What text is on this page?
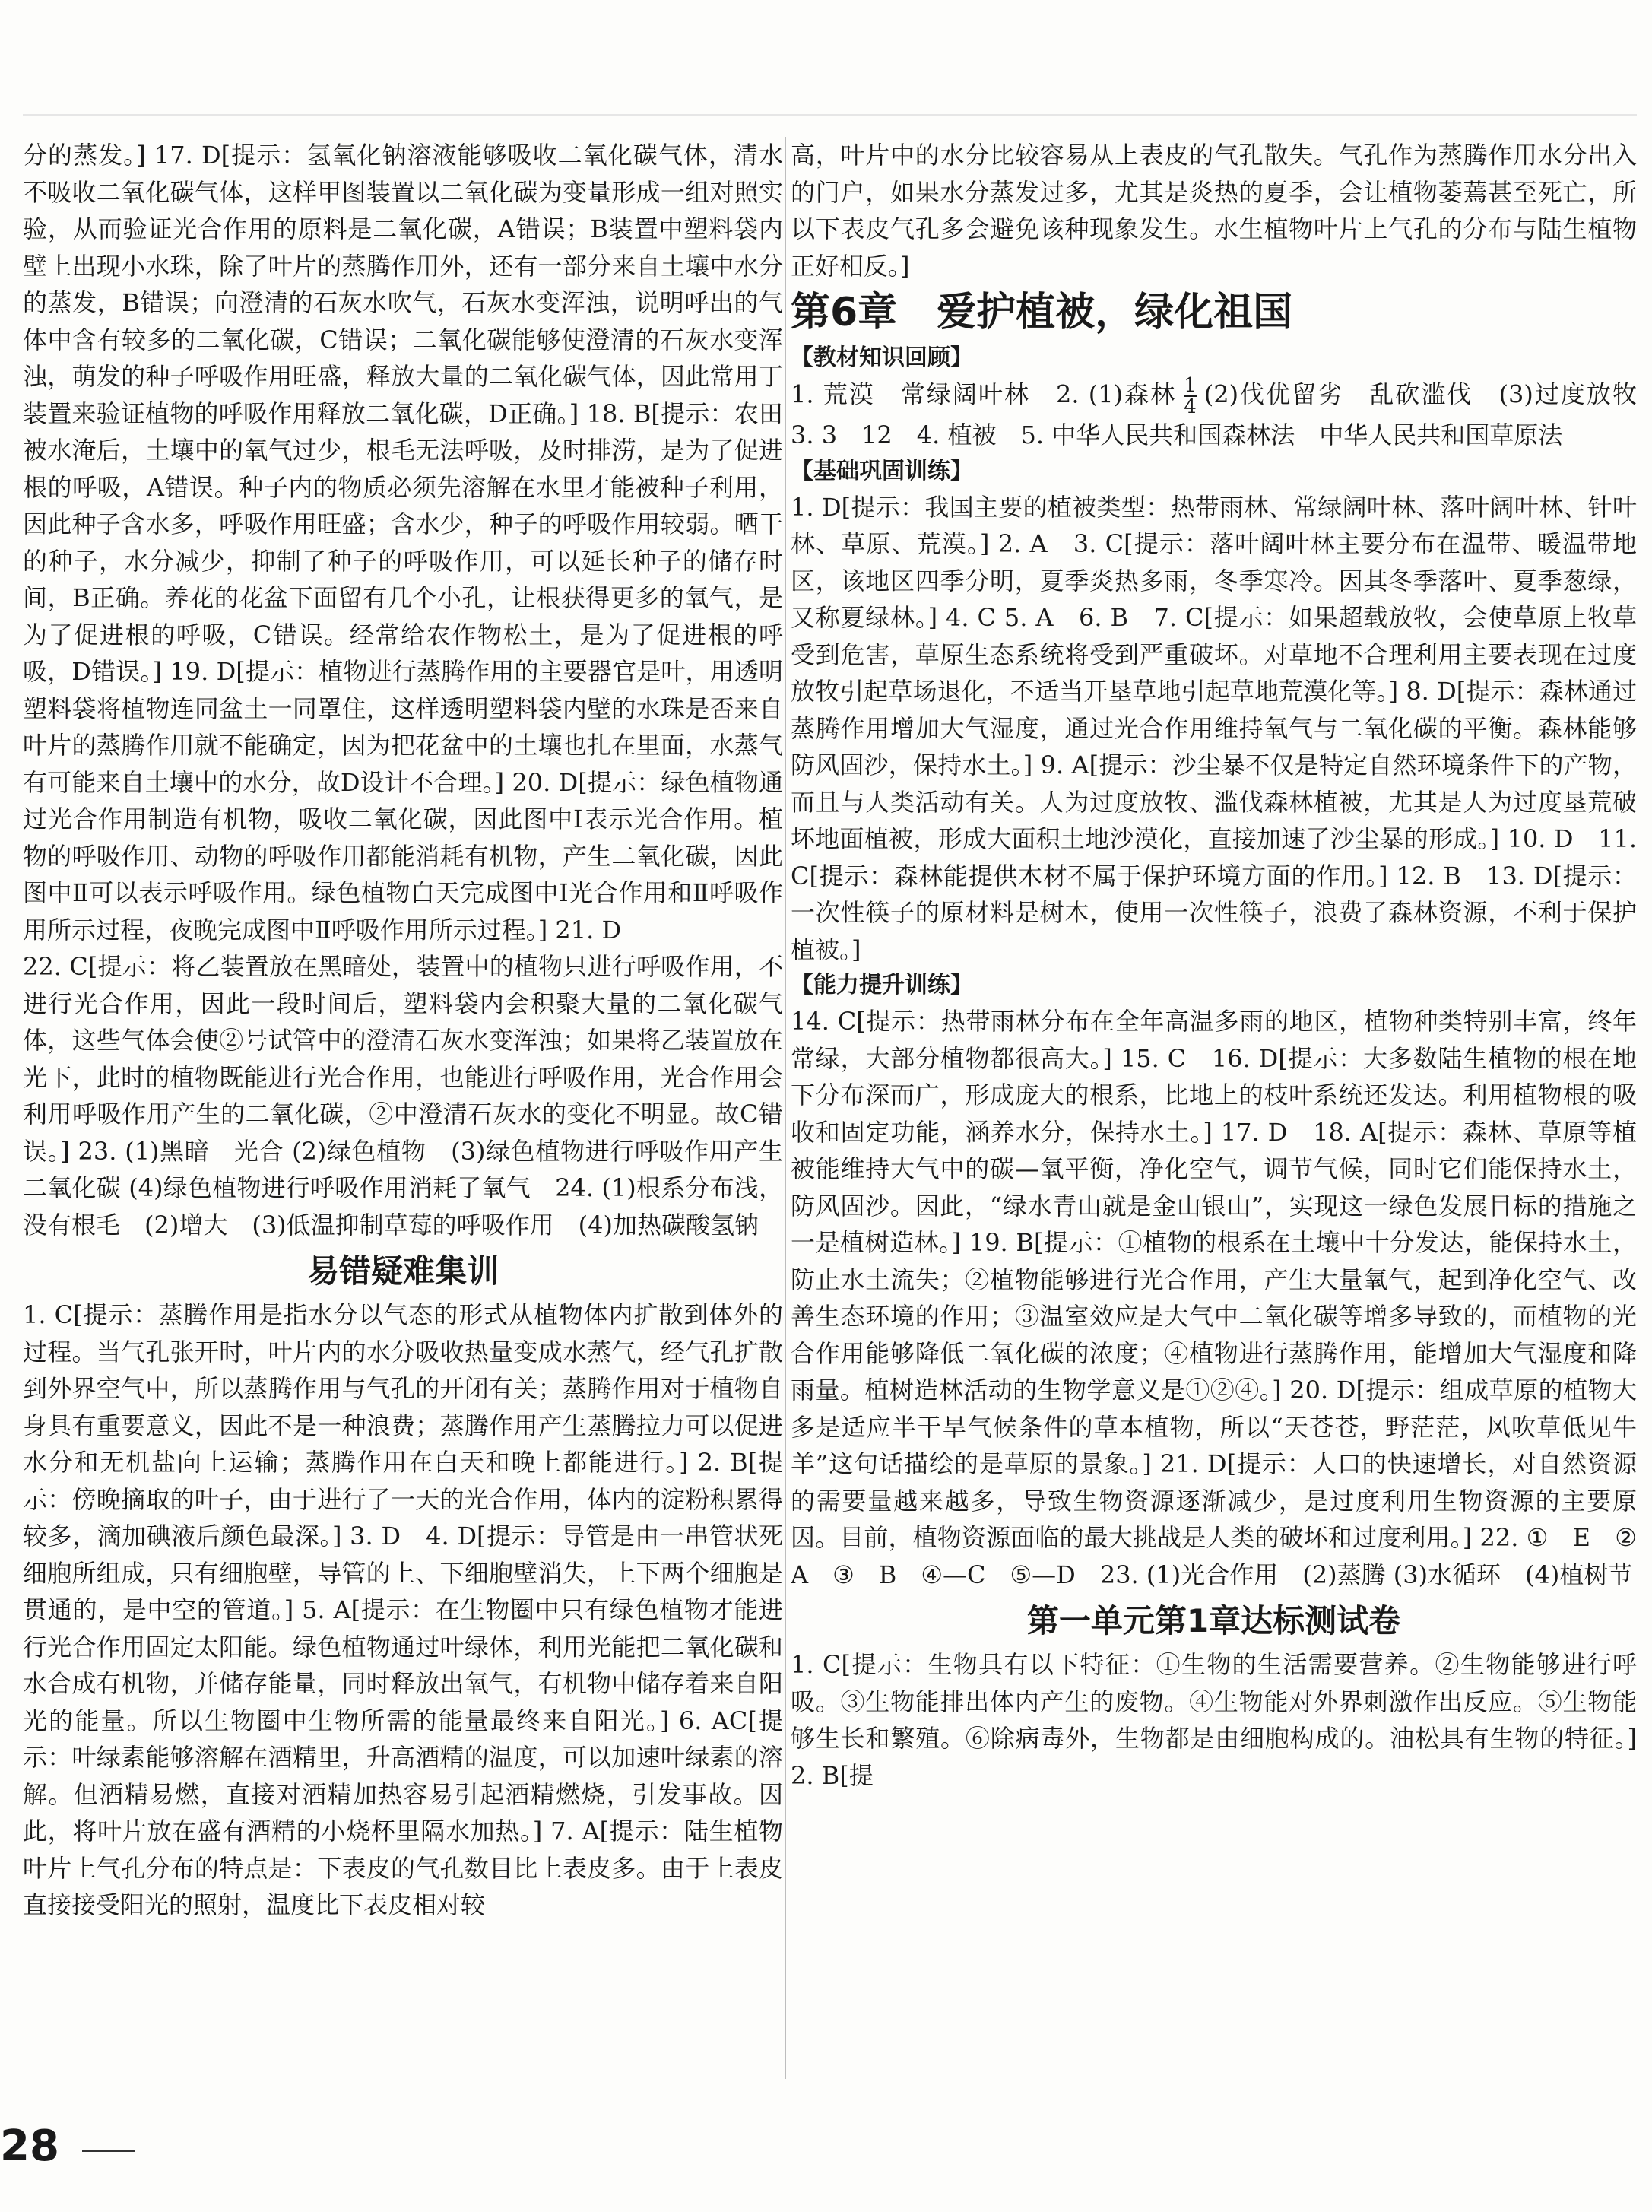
分的蒸发。] 17. D[提示：氢氧化钠溶液能够吸收二氧化碳气体，清水不吸收二氧化碳气体，这样甲图装置以二氧化碳为变量形成一组对照实验，从而验证光合作用的原料是二氧化碳，A错误；B装置中塑料袋内壁上出现小水珠，除了叶片的蒸腾作用外，还有一部分来自土壤中水分的蒸发，B错误；向澄清的石灰水吹气，石灰水变浑浊，说明呼出的气体中含有较多的二氧化碳，C错误；二氧化碳能够使澄清的石灰水变浑浊，萌发的种子呼吸作用旺盛，释放大量的二氧化碳气体，因此常用丁装置来验证植物的呼吸作用释放二氧化碳，D正确。] 18. B[提示：农田被水淹后，土壤中的氧气过少，根毛无法呼吸，及时排涝，是为了促进根的呼吸，A错误。种子内的物质必须先溶解在水里才能被种子利用，因此种子含水多，呼吸作用旺盛；含水少，种子的呼吸作用较弱。晒干的种子，水分减少，抑制了种子的呼吸作用，可以延长种子的储存时间，B正确。养花的花盆下面留有几个小孔，让根获得更多的氧气，是为了促进根的呼吸，C错误。经常给农作物松土，是为了促进根的呼吸，D错误。] 19. D[提示：植物进行蒸腾作用的主要器官是叶，用透明塑料袋将植物连同盆土一同罩住，这样透明塑料袋内壁的水珠是否来自叶片的蒸腾作用就不能确定，因为把花盆中的土壤也扎在里面，水蒸气有可能来自土壤中的水分，故D设计不合理。] 20. D[提示：绿色植物通过光合作用制造有机物，吸收二氧化碳，因此图中Ⅰ表示光合作用。植物的呼吸作用、动物的呼吸作用都能消耗有机物，产生二氧化碳，因此图中Ⅱ可以表示呼吸作用。绿色植物白天完成图中Ⅰ光合作用和Ⅱ呼吸作用所示过程，夜晚完成图中Ⅱ呼吸作用所示过程。] 21. D

22. C[提示：将乙装置放在黑暗处，装置中的植物只进行呼吸作用，不进行光合作用，因此一段时间后，塑料袋内会积聚大量的二氧化碳气体，这些气体会使②号试管中的澄清石灰水变浑浊；如果将乙装置放在光下，此时的植物既能进行光合作用，也能进行呼吸作用，光合作用会利用呼吸作用产生的二氧化碳，②中澄清石灰水的变化不明显。故C错误。] 23. (1)黑暗　光合 (2)绿色植物　(3)绿色植物进行呼吸作用产生二氧化碳 (4)绿色植物进行呼吸作用消耗了氧气　24. (1)根系分布浅，没有根毛　(2)增大　(3)低温抑制草莓的呼吸作用　(4)加热碳酸氢钠

易错疑难集训

1. C[提示：蒸腾作用是指水分以气态的形式从植物体内扩散到体外的过程。当气孔张开时，叶片内的水分吸收热量变成水蒸气，经气孔扩散到外界空气中，所以蒸腾作用与气孔的开闭有关；蒸腾作用对于植物自身具有重要意义，因此不是一种浪费；蒸腾作用产生蒸腾拉力可以促进水分和无机盐向上运输；蒸腾作用在白天和晚上都能进行。] 2. B[提示：傍晚摘取的叶子，由于进行了一天的光合作用，体内的淀粉积累得较多，滴加碘液后颜色最深。] 3. D　4. D[提示：导管是由一串管状死细胞所组成，只有细胞壁，导管的上、下细胞壁消失，上下两个细胞是贯通的，是中空的管道。] 5. A[提示：在生物圈中只有绿色植物才能进行光合作用固定太阳能。绿色植物通过叶绿体，利用光能把二氧化碳和水合成有机物，并储存能量，同时释放出氧气，有机物中储存着来自阳光的能量。所以生物圈中生物所需的能量最终来自阳光。] 6. AC[提示：叶绿素能够溶解在酒精里，升高酒精的温度，可以加速叶绿素的溶解。但酒精易燃，直接对酒精加热容易引起酒精燃烧，引发事故。因此，将叶片放在盛有酒精的小烧杯里隔水加热。] 7. A[提示：陆生植物叶片上气孔分布的特点是：下表皮的气孔数目比上表皮多。由于上表皮直接接受阳光的照射，温度比下表皮相对较

高，叶片中的水分比较容易从上表皮的气孔散失。气孔作为蒸腾作用水分出入的门户，如果水分蒸发过多，尤其是炎热的夏季，会让植物萎蔫甚至死亡，所以下表皮气孔多会避免该种现象发生。水生植物叶片上气孔的分布与陆生植物正好相反。]

第6章　爱护植被，绿化祖国
【教材知识回顾】

1. 荒漠　常绿阔叶林　2. (1)森林 $\frac{1}{4} (2)$伐优留劣　乱砍滥伐　(3)过度放牧　3. 3　12　4. 植被　5. 中华人民共和国森林法　中华人民共和国草原法

【基础巩固训练】

1. D[提示：我国主要的植被类型：热带雨林、常绿阔叶林、落叶阔叶林、针叶林、草原、荒漠。] 2. A　3. C[提示：落叶阔叶林主要分布在温带、暖温带地区，该地区四季分明，夏季炎热多雨，冬季寒冷。因其冬季落叶、夏季葱绿，又称夏绿林。] 4. C 5. A　6. B　7. C[提示：如果超载放牧，会使草原上牧草受到危害，草原生态系统将受到严重破坏。对草地不合理利用主要表现在过度放牧引起草场退化，不适当开垦草地引起草地荒漠化等。] 8. D[提示：森林通过蒸腾作用增加大气湿度，通过光合作用维持氧气与二氧化碳的平衡。森林能够防风固沙，保持水土。] 9. A[提示：沙尘暴不仅是特定自然环境条件下的产物，而且与人类活动有关。人为过度放牧、滥伐森林植被，尤其是人为过度垦荒破坏地面植被，形成大面积土地沙漠化，直接加速了沙尘暴的形成。] 10. D　11. C[提示：森林能提供木材不属于保护环境方面的作用。] 12. B　13. D[提示：一次性筷子的原材料是树木，使用一次性筷子，浪费了森林资源，不利于保护植被。]

【能力提升训练】

14. C[提示：热带雨林分布在全年高温多雨的地区，植物种类特别丰富，终年常绿，大部分植物都很高大。] 15. C　16. D[提示：大多数陆生植物的根在地下分布深而广，形成庞大的根系，比地上的枝叶系统还发达。利用植物根的吸收和固定功能，涵养水分，保持水土。] 17. D　18. A[提示：森林、草原等植被能维持大气中的碳—氧平衡，净化空气，调节气候，同时它们能保持水土，防风固沙。因此，“绿水青山就是金山银山”，实现这一绿色发展目标的措施之一是植树造林。] 19. B[提示：①植物的根系在土壤中十分发达，能保持水土，防止水土流失；②植物能够进行光合作用，产生大量氧气，起到净化空气、改善生态环境的作用；③温室效应是大气中二氧化碳等增多导致的，而植物的光合作用能够降低二氧化碳的浓度；④植物进行蒸腾作用，能增加大气湿度和降雨量。植树造林活动的生物学意义是①②④。] 20. D[提示：组成草原的植物大多是适应半干旱气候条件的草本植物，所以“天苍苍，野茫茫，风吹草低见牛羊”这句话描绘的是草原的景象。] 21. D[提示：人口的快速增长，对自然资源的需要量越来越多，导致生物资源逐渐减少，是过度利用生物资源的主要原因。目前，植物资源面临的最大挑战是人类的破坏和过度利用。] 22. ①　E　②　A　③　B　④—C　⑤—D　23. (1)光合作用　(2)蒸腾 (3)水循环　(4)植树节

第一单元第1章达标测试卷

1. C[提示：生物具有以下特征：①生物的生活需要营养。②生物能够进行呼吸。③生物能排出体内产生的废物。④生物能对外界刺激作出反应。⑤生物能够生长和繁殖。⑥除病毒外，生物都是由细胞构成的。油松具有生物的特征。] 2. B[提

28
